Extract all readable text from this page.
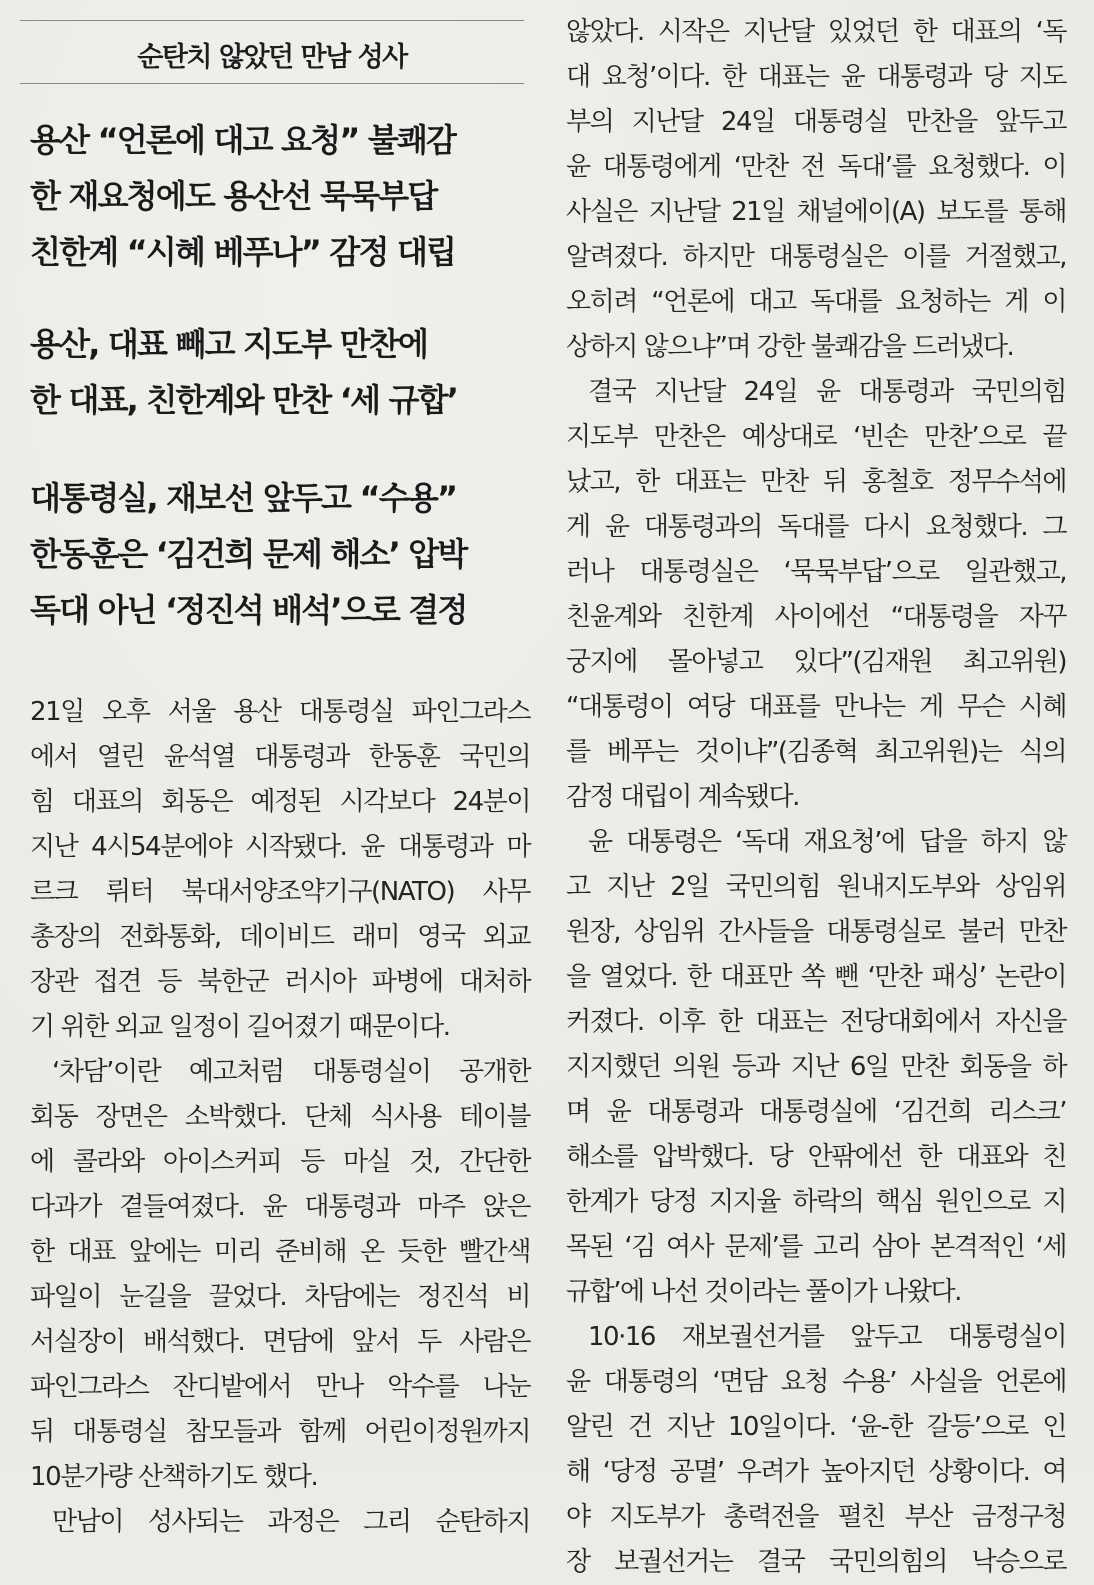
순탄치 않았던 만남 성사
용산 “언론에 대고 요청” 불쾌감
한 재요청에도 용산선 묵묵부답
친한계 “시혜 베푸나” 감정 대립
용산, 대표 빼고 지도부 만찬에
한 대표, 친한계와 만찬 ‘세 규합’
대통령실, 재보선 앞두고 “수용”
한동훈은 ‘김건희 문제 해소’ 압박
독대 아닌 ‘정진석 배석’으로 결정
21일 오후 서울 용산 대통령실 파인그라스
에서 열린 윤석열 대통령과 한동훈 국민의
힘 대표의 회동은 예정된 시각보다 24분이
지난 4시54분에야 시작됐다. 윤 대통령과 마
르크 뤼터 북대서양조약기구(NATO) 사무
총장의 전화통화, 데이비드 래미 영국 외교
장관 접견 등 북한군 러시아 파병에 대처하
기 위한 외교 일정이 길어졌기 때문이다.
‘차담’이란 예고처럼 대통령실이 공개한
회동 장면은 소박했다. 단체 식사용 테이블
에 콜라와 아이스커피 등 마실 것, 간단한
다과가 곁들여졌다. 윤 대통령과 마주 앉은
한 대표 앞에는 미리 준비해 온 듯한 빨간색
파일이 눈길을 끌었다. 차담에는 정진석 비
서실장이 배석했다. 면담에 앞서 두 사람은
파인그라스 잔디밭에서 만나 악수를 나눈
뒤 대통령실 참모들과 함께 어린이정원까지
10분가량 산책하기도 했다.
만남이 성사되는 과정은 그리 순탄하지
않았다. 시작은 지난달 있었던 한 대표의 ‘독
대 요청’이다. 한 대표는 윤 대통령과 당 지도
부의 지난달 24일 대통령실 만찬을 앞두고
윤 대통령에게 ‘만찬 전 독대’를 요청했다. 이
사실은 지난달 21일 채널에이(A) 보도를 통해
알려졌다. 하지만 대통령실은 이를 거절했고,
오히려 “언론에 대고 독대를 요청하는 게 이
상하지 않으냐”며 강한 불쾌감을 드러냈다.
결국 지난달 24일 윤 대통령과 국민의힘
지도부 만찬은 예상대로 ‘빈손 만찬’으로 끝
났고, 한 대표는 만찬 뒤 홍철호 정무수석에
게 윤 대통령과의 독대를 다시 요청했다. 그
러나 대통령실은 ‘묵묵부답’으로 일관했고,
친윤계와 친한계 사이에선 “대통령을 자꾸
궁지에 몰아넣고 있다”(김재원 최고위원)
“대통령이 여당 대표를 만나는 게 무슨 시혜
를 베푸는 것이냐”(김종혁 최고위원)는 식의
감정 대립이 계속됐다.
윤 대통령은 ‘독대 재요청’에 답을 하지 않
고 지난 2일 국민의힘 원내지도부와 상임위
원장, 상임위 간사들을 대통령실로 불러 만찬
을 열었다. 한 대표만 쏙 뺀 ‘만찬 패싱’ 논란이
커졌다. 이후 한 대표는 전당대회에서 자신을
지지했던 의원 등과 지난 6일 만찬 회동을 하
며 윤 대통령과 대통령실에 ‘김건희 리스크’
해소를 압박했다. 당 안팎에선 한 대표와 친
한계가 당정 지지율 하락의 핵심 원인으로 지
목된 ‘김 여사 문제’를 고리 삼아 본격적인 ‘세
규합’에 나선 것이라는 풀이가 나왔다.
10·16 재보궐선거를 앞두고 대통령실이
윤 대통령의 ‘면담 요청 수용’ 사실을 언론에
알린 건 지난 10일이다. ‘윤-한 갈등’으로 인
해 ‘당정 공멸’ 우려가 높아지던 상황이다. 여
야 지도부가 총력전을 펼친 부산 금정구청
장 보궐선거는 결국 국민의힘의 낙승으로
